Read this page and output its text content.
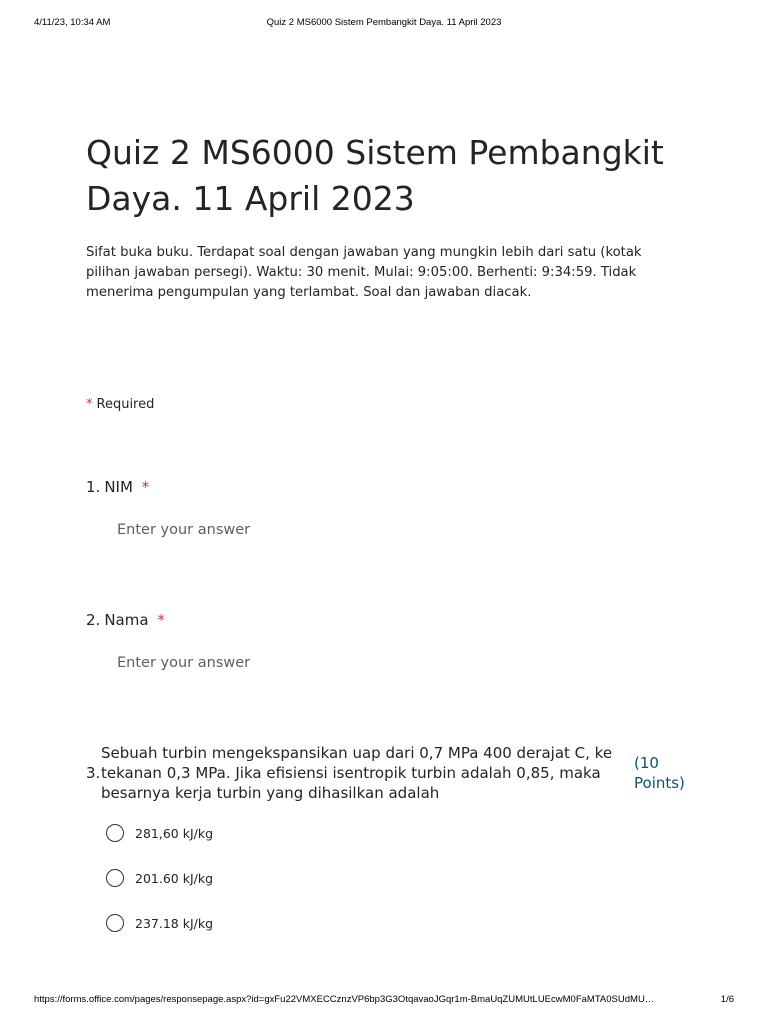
4/11/23, 10:34 AM	Quiz 2 MS6000 Sistem Pembangkit Daya. 11 April 2023
Quiz 2 MS6000 Sistem Pembangkit Daya. 11 April 2023
Sifat buka buku. Terdapat soal dengan jawaban yang mungkin lebih dari satu (kotak pilihan jawaban persegi). Waktu: 30 menit. Mulai: 9:05:00. Berhenti: 9:34:59. Tidak menerima pengumpulan yang terlambat. Soal dan jawaban diacak.
* Required
1. NIM *
Enter your answer
2. Nama *
Enter your answer
3.
Sebuah turbin mengekspansikan uap dari 0,7 MPa 400 derajat C, ke tekanan 0,3 MPa. Jika efisiensi isentropik turbin adalah 0,85, maka besarnya kerja turbin yang dihasilkan adalah
(10 Points)
281,60 kJ/kg
201.60 kJ/kg
237.18 kJ/kg
https://forms.office.com/pages/responsepage.aspx?id=gxFu22VMXECCznzVP6bp3G3OtqavaoJGqr1m-BmaUqZUMUtLUEcwM0FaMTA0SUdMU…	1/6
